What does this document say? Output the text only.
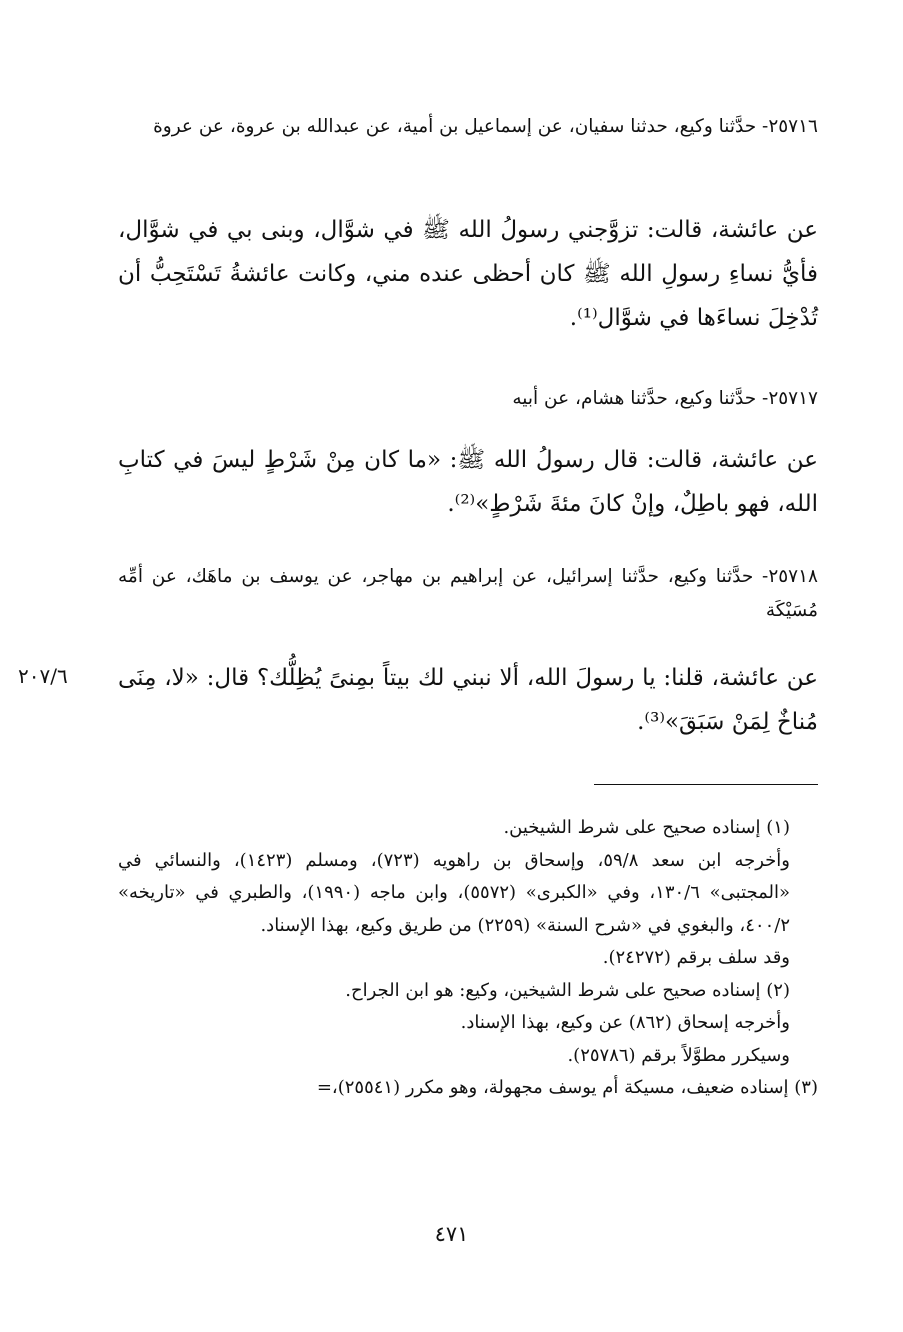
٢٥٧١٦- حدَّثنا وكيع، حدثنا سفيان، عن إسماعيل بن أمية، عن عبدالله بن عروة، عن عروة

عن عائشة، قالت: تزوَّجني رسولُ الله ﷺ في شوَّال، وبنى بي في شوَّال، فأيُّ نساءِ رسولِ الله ﷺ كان أحظى عنده مني، وكانت عائشةُ تَسْتَحِبُّ أن تُدْخِلَ نساءَها في شوَّال⁽¹⁾.

٢٥٧١٧- حدَّثنا وكيع، حدَّثنا هشام، عن أبيه

عن عائشة، قالت: قال رسولُ الله ﷺ: «ما كان مِنْ شَرْطٍ ليسَ في كتابِ الله، فهو باطِلٌ، وإنْ كانَ مئةَ شَرْطٍ»⁽²⁾.

٢٥٧١٨- حدَّثنا وكيع، حدَّثنا إسرائيل، عن إبراهيم بن مهاجر، عن يوسف بن ماهَك، عن أمِّه مُسَيْكَة

عن عائشة، قلنا: يا رسولَ الله، ألا نبني لك بيتاً بمِنىً يُظِلُّك؟ قال: «لا، مِنَى مُناخٌ لِمَنْ سَبَقَ»⁽³⁾.

٢٠٧/٦

(١) إسناده صحيح على شرط الشيخين.

وأخرجه ابن سعد ٥٩/٨، وإسحاق بن راهويه (٧٢٣)، ومسلم (١٤٢٣)، والنسائي في «المجتبى» ١٣٠/٦، وفي «الكبرى» (٥٥٧٢)، وابن ماجه (١٩٩٠)، والطبري في «تاريخه» ٤٠٠/٢، والبغوي في «شرح السنة» (٢٢٥٩) من طريق وكيع، بهذا الإسناد.

وقد سلف برقم (٢٤٢٧٢).

(٢) إسناده صحيح على شرط الشيخين، وكيع: هو ابن الجراح.

وأخرجه إسحاق (٨٦٢) عن وكيع، بهذا الإسناد.

وسيكرر مطوَّلاً برقم (٢٥٧٨٦).

(٣) إسناده ضعيف، مسيكة أم يوسف مجهولة، وهو مكرر (٢٥٥٤١)،=

٤٧١
